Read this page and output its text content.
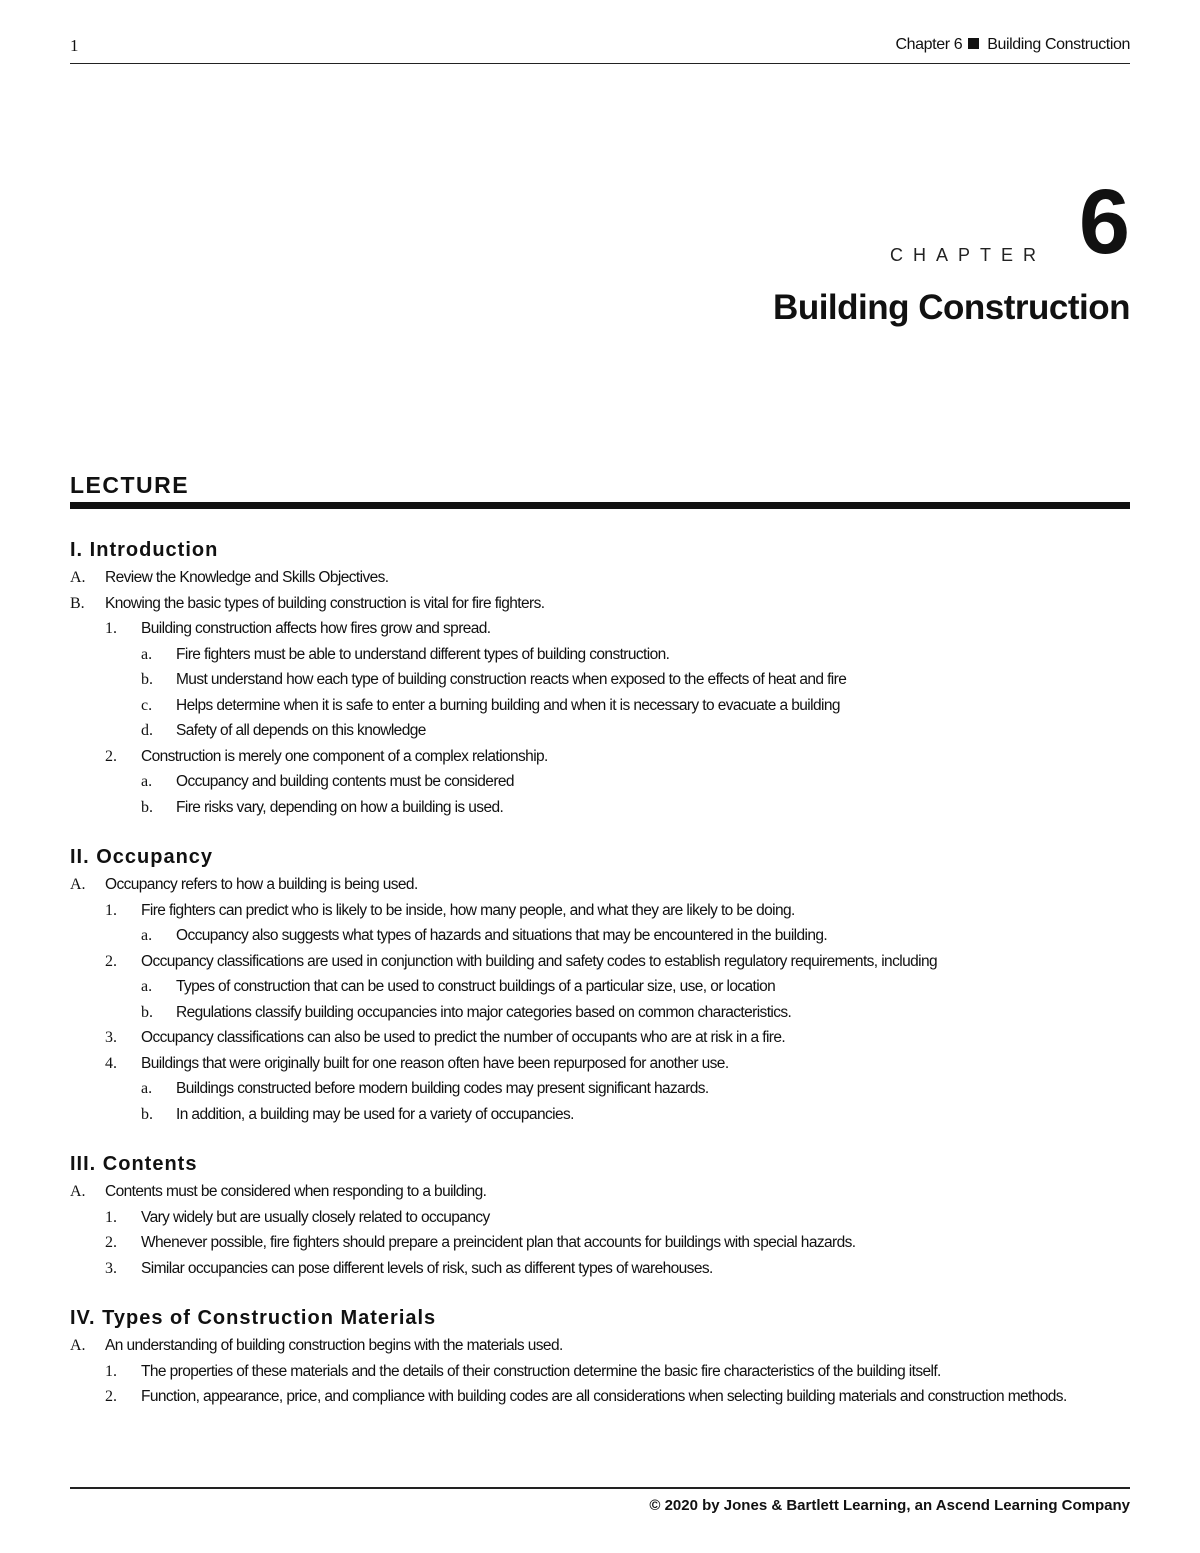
1	Chapter 6 Building Construction
CHAPTER 6
Building Construction
LECTURE
I. Introduction
A. Review the Knowledge and Skills Objectives.
B. Knowing the basic types of building construction is vital for fire fighters.
1. Building construction affects how fires grow and spread.
a. Fire fighters must be able to understand different types of building construction.
b. Must understand how each type of building construction reacts when exposed to the effects of heat and fire
c. Helps determine when it is safe to enter a burning building and when it is necessary to evacuate a building
d. Safety of all depends on this knowledge
2. Construction is merely one component of a complex relationship.
a. Occupancy and building contents must be considered
b. Fire risks vary, depending on how a building is used.
II. Occupancy
A. Occupancy refers to how a building is being used.
1. Fire fighters can predict who is likely to be inside, how many people, and what they are likely to be doing.
a. Occupancy also suggests what types of hazards and situations that may be encountered in the building.
2. Occupancy classifications are used in conjunction with building and safety codes to establish regulatory requirements, including
a. Types of construction that can be used to construct buildings of a particular size, use, or location
b. Regulations classify building occupancies into major categories based on common characteristics.
3. Occupancy classifications can also be used to predict the number of occupants who are at risk in a fire.
4. Buildings that were originally built for one reason often have been repurposed for another use.
a. Buildings constructed before modern building codes may present significant hazards.
b. In addition, a building may be used for a variety of occupancies.
III. Contents
A. Contents must be considered when responding to a building.
1. Vary widely but are usually closely related to occupancy
2. Whenever possible, fire fighters should prepare a preincident plan that accounts for buildings with special hazards.
3. Similar occupancies can pose different levels of risk, such as different types of warehouses.
IV. Types of Construction Materials
A. An understanding of building construction begins with the materials used.
1. The properties of these materials and the details of their construction determine the basic fire characteristics of the building itself.
2. Function, appearance, price, and compliance with building codes are all considerations when selecting building materials and construction methods.
© 2020 by Jones & Bartlett Learning, an Ascend Learning Company
